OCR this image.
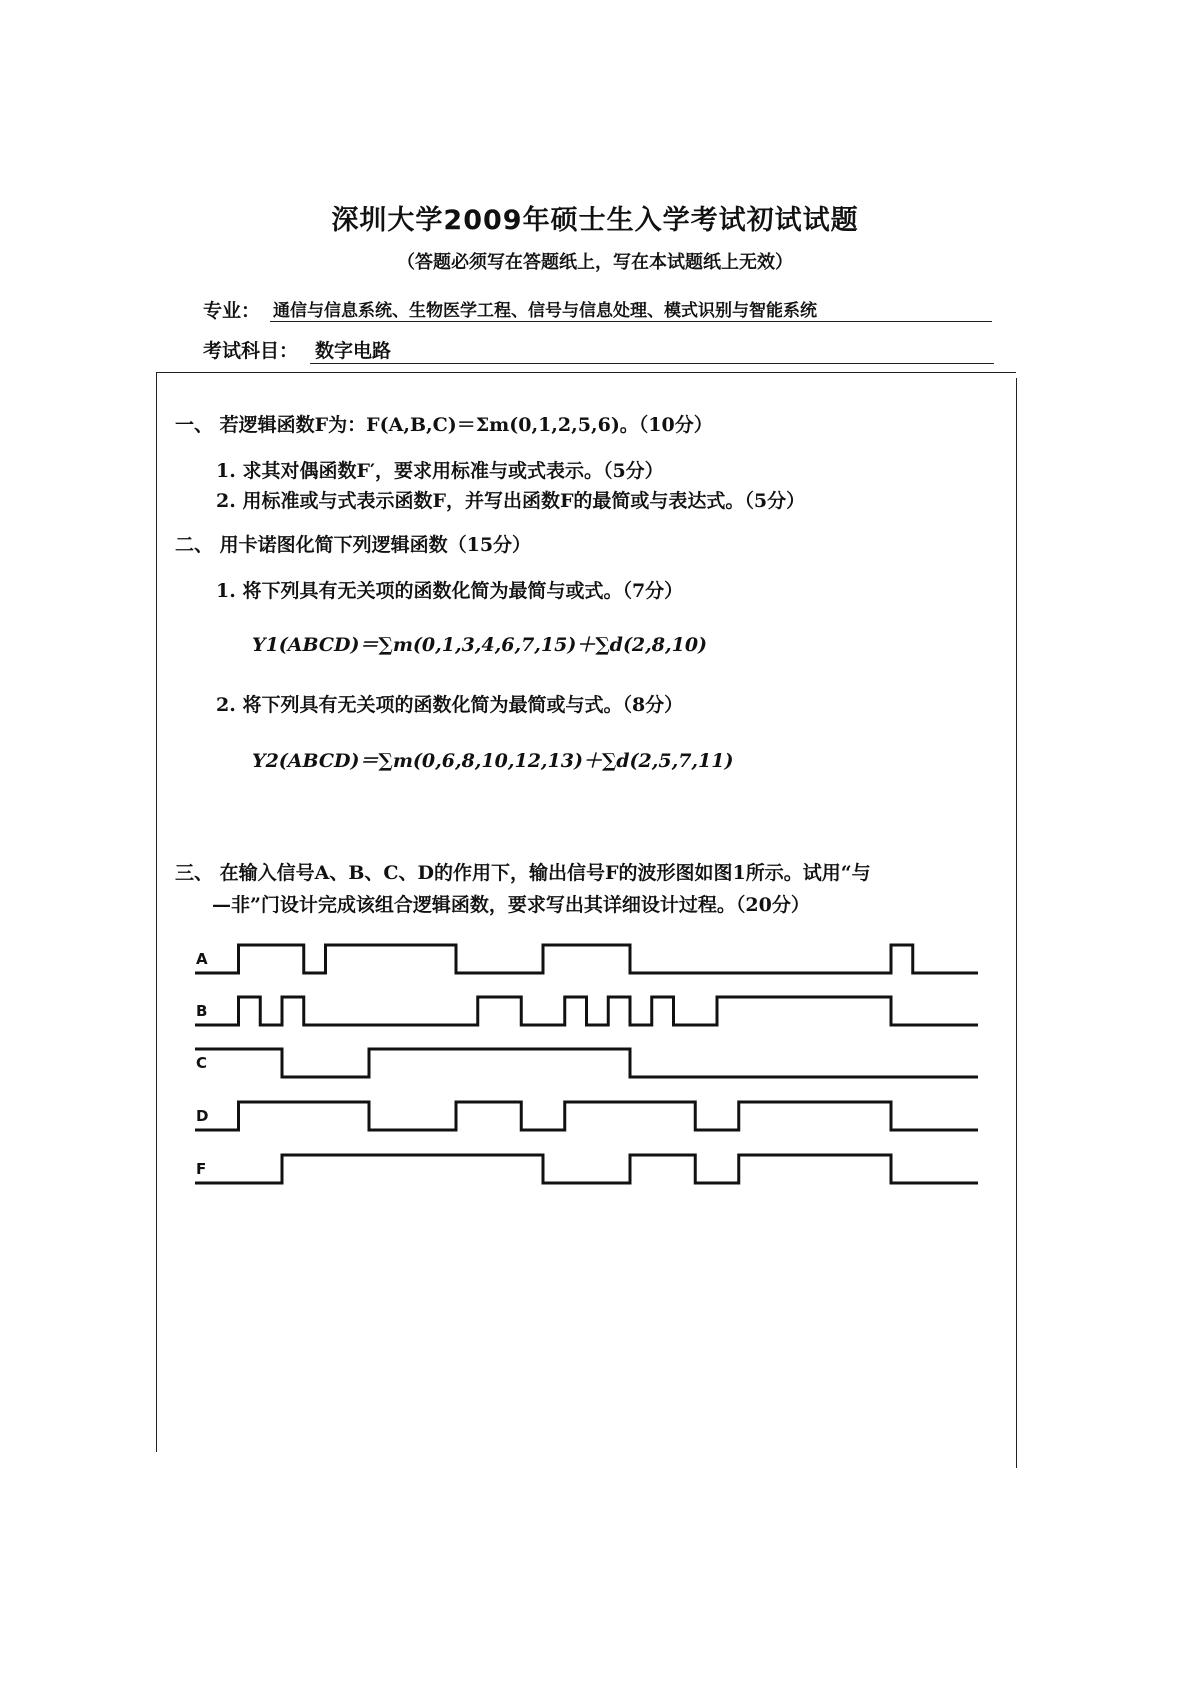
深圳大学2009年硕士生入学考试初试试题
（答题必须写在答题纸上，写在本试题纸上无效）
专业： 通信与信息系统、生物医学工程、信号与信息处理、模式识别与智能系统
考试科目： 数字电路
一、 若逻辑函数F为：F(A,B,C)＝Σm(0,1,2,5,6)。（10分）
1. 求其对偶函数F′，要求用标准与或式表示。（5分）
2. 用标准或与式表示函数F，并写出函数F的最简或与表达式。（5分）
二、 用卡诺图化简下列逻辑函数（15分）
1. 将下列具有无关项的函数化简为最简与或式。（7分）
Y1(ABCD)＝∑m(0,1,3,4,6,7,15)＋∑d(2,8,10)
2. 将下列具有无关项的函数化简为最简或与式。（8分）
Y2(ABCD)＝∑m(0,6,8,10,12,13)＋∑d(2,5,7,11)
三、 在输入信号A、B、C、D的作用下，输出信号F的波形图如图1所示。试用“与
—非”门设计完成该组合逻辑函数，要求写出其详细设计过程。（20分）
A
B
C
D
F
